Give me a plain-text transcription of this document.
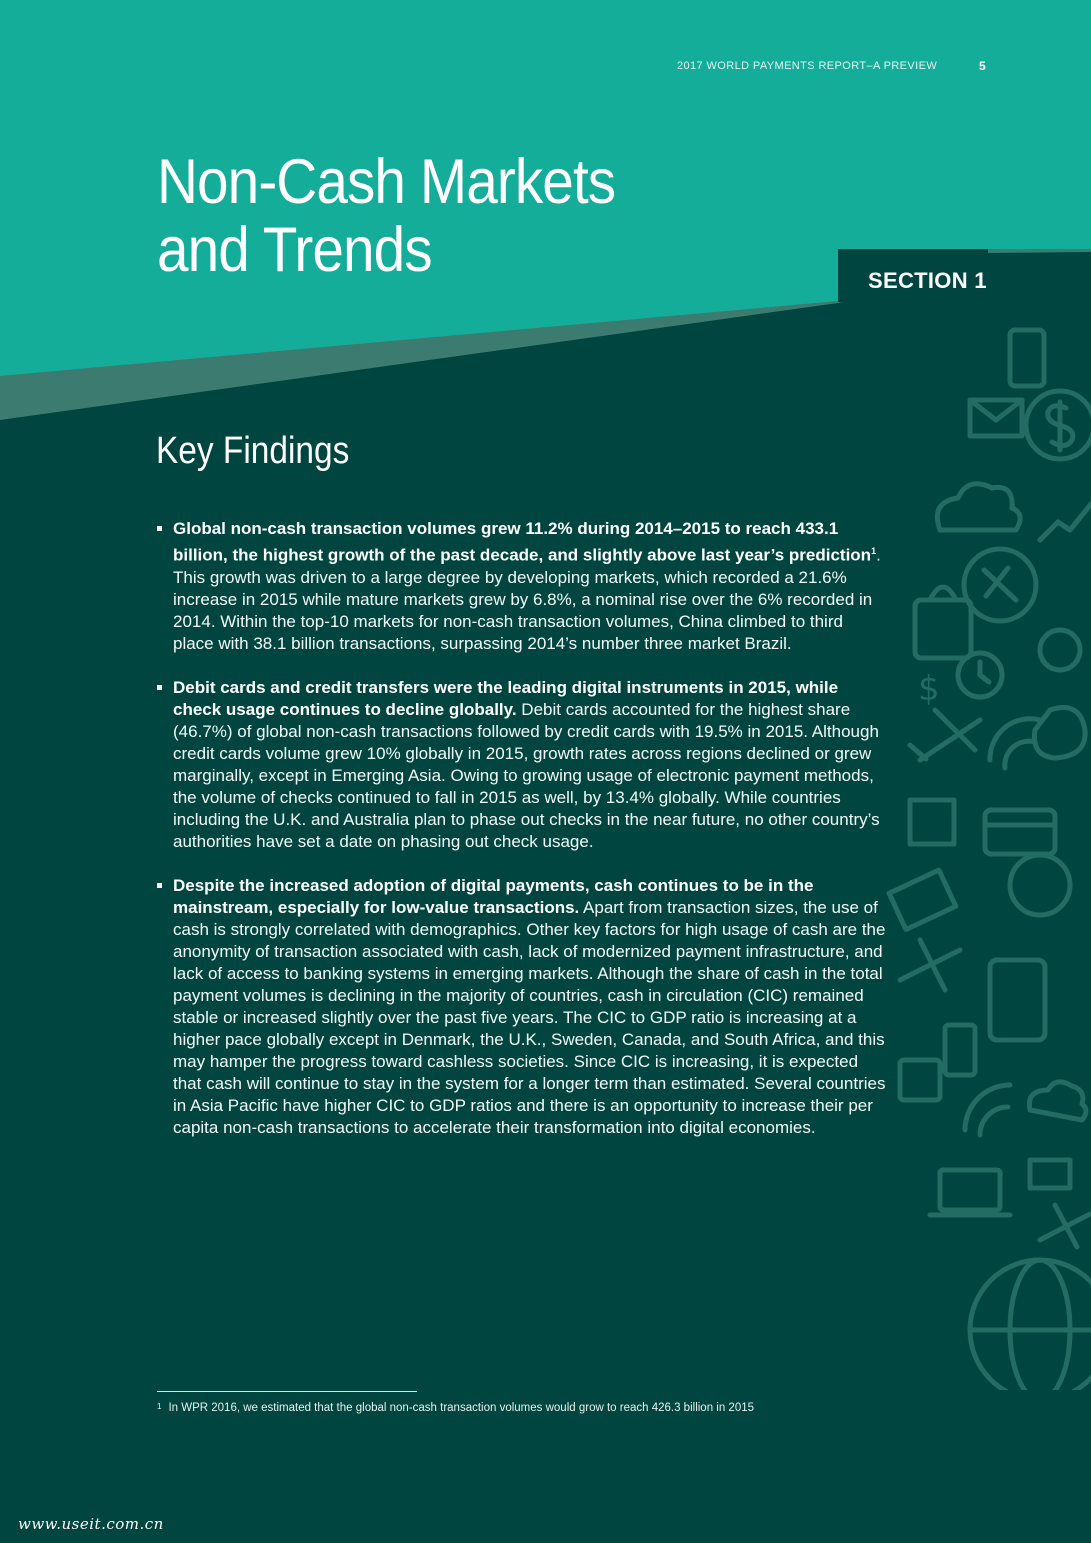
$
2017 WORLD PAYMENTS REPORT–A PREVIEW	5
Non-Cash Markets
and Trends	SECTION 1
Key Findings
Global non-cash transaction volumes grew 11.2% during 2014–2015 to reach 433.1 billion, the highest growth of the past decade, and slightly above last year’s prediction$^1$. This growth was driven to a large degree by developing markets, which recorded a 21.6% increase in 2015 while mature markets grew by 6.8%, a nominal rise over the 6% recorded in 2014. Within the top-10 markets for non-cash transaction volumes, China climbed to third place with 38.1 billion transactions, surpassing 2014’s number three market Brazil.
Debit cards and credit transfers were the leading digital instruments in 2015, while check usage continues to decline globally. Debit cards accounted for the highest share (46.7%) of global non-cash transactions followed by credit cards with 19.5% in 2015. Although credit cards volume grew 10% globally in 2015, growth rates across regions declined or grew marginally, except in Emerging Asia. Owing to growing usage of electronic payment methods, the volume of checks continued to fall in 2015 as well, by 13.4% globally. While countries including the U.K. and Australia plan to phase out checks in the near future, no other country’s authorities have set a date on phasing out check usage.
Despite the increased adoption of digital payments, cash continues to be in the mainstream, especially for low-value transactions. Apart from transaction sizes, the use of cash is strongly correlated with demographics. Other key factors for high usage of cash are the anonymity of transaction associated with cash, lack of modernized payment infrastructure, and lack of access to banking systems in emerging markets. Although the share of cash in the total payment volumes is declining in the majority of countries, cash in circulation (CIC) remained stable or increased slightly over the past five years. The CIC to GDP ratio is increasing at a higher pace globally except in Denmark, the U.K., Sweden, Canada, and South Africa, and this may hamper the progress toward cashless societies. Since CIC is increasing, it is expected that cash will continue to stay in the system for a longer term than estimated. Several countries in Asia Pacific have higher CIC to GDP ratios and there is an opportunity to increase their per capita non-cash transactions to accelerate their transformation into digital economies.
$^1$ In WPR 2016, we estimated that the global non-cash transaction volumes would grow to reach 426.3 billion in 2015
www.useit.com.cn
